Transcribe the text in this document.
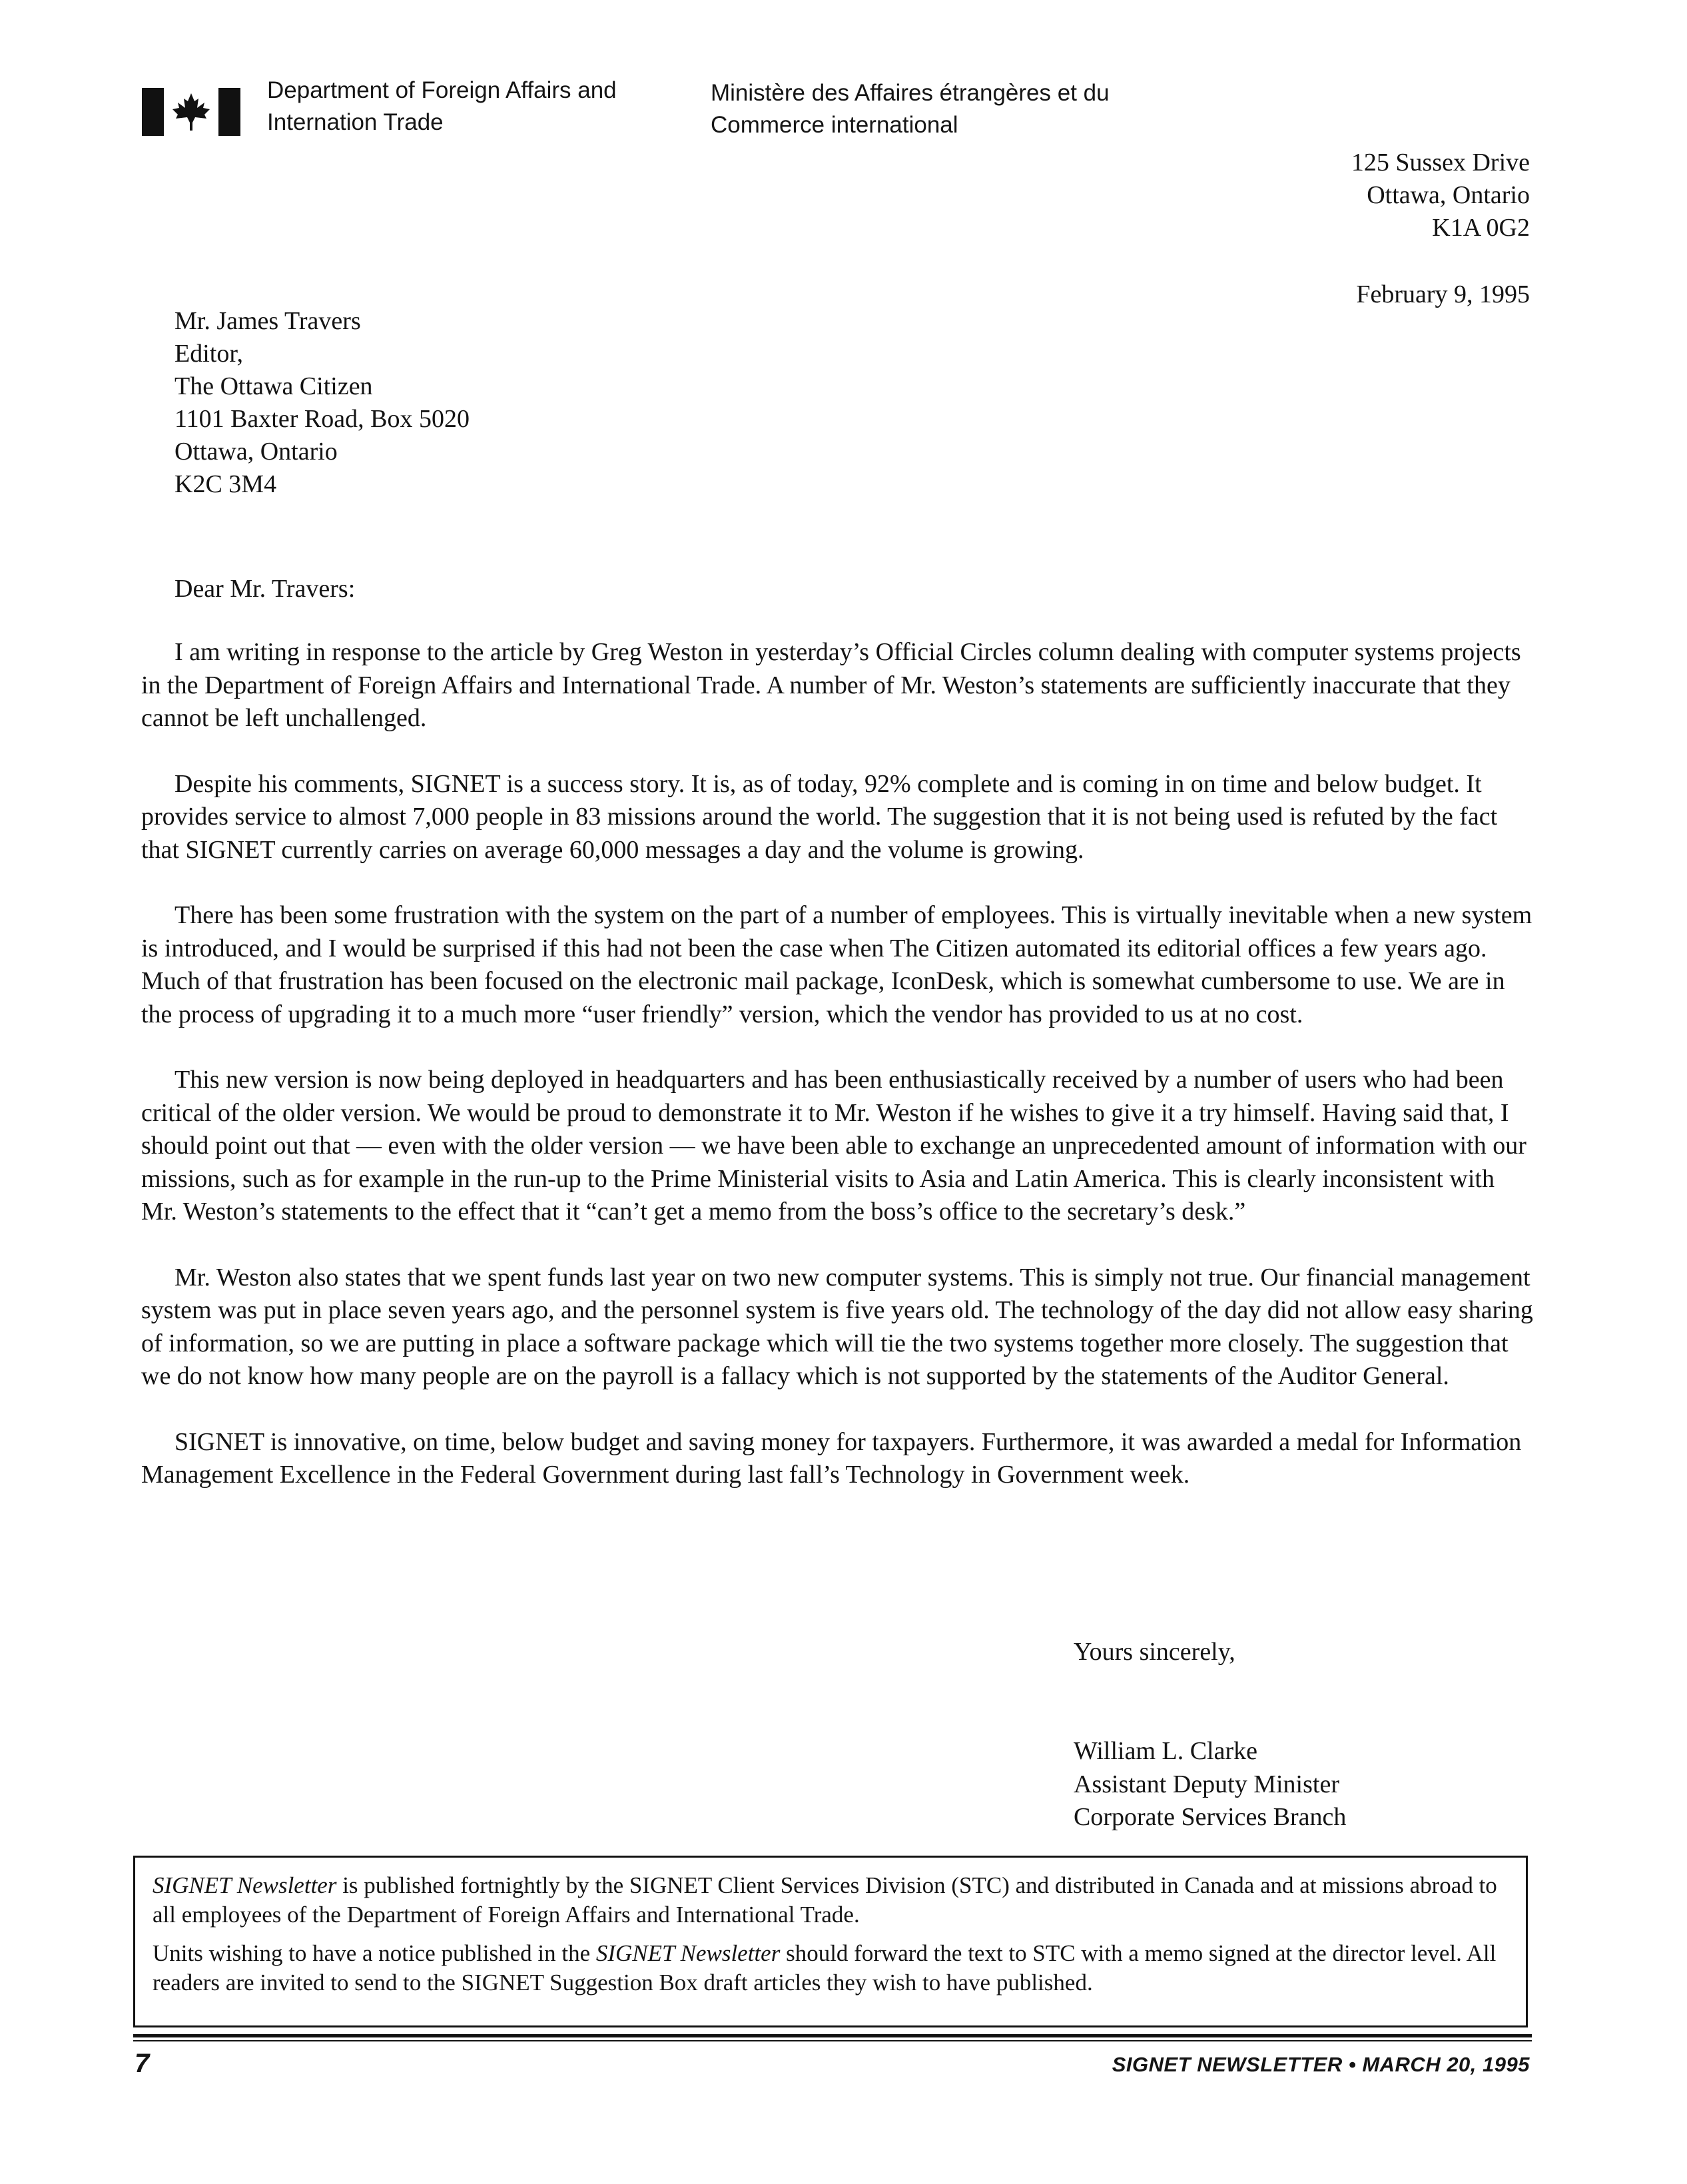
Department of Foreign Affairs and
Internation Trade
Ministère des Affaires étrangères et du
Commerce international
125 Sussex Drive
Ottawa, Ontario
K1A 0G2
February 9, 1995
Mr. James Travers
Editor,
The Ottawa Citizen
1101 Baxter Road, Box 5020
Ottawa, Ontario
K2C 3M4
Dear Mr. Travers:

I am writing in response to the article by Greg Weston in yesterday’s Official Circles column dealing with computer systems projects in the Department of Foreign Affairs and International Trade. A number of Mr. Weston’s statements are sufficiently inaccurate that they cannot be left unchallenged.

Despite his comments, SIGNET is a success story. It is, as of today, 92% complete and is coming in on time and below budget. It provides service to almost 7,000 people in 83 missions around the world. The suggestion that it is not being used is refuted by the fact that SIGNET currently carries on average 60,000 messages a day and the volume is growing.

There has been some frustration with the system on the part of a number of employees. This is virtually inevitable when a new system is introduced, and I would be surprised if this had not been the case when The Citizen automated its editorial offices a few years ago. Much of that frustration has been focused on the electronic mail package, IconDesk, which is somewhat cumbersome to use. We are in the process of upgrading it to a much more “user friendly” version, which the vendor has provided to us at no cost.

This new version is now being deployed in headquarters and has been enthusiastically received by a number of users who had been critical of the older version. We would be proud to demonstrate it to Mr. Weston if he wishes to give it a try himself. Having said that, I should point out that — even with the older version — we have been able to exchange an unprecedented amount of information with our missions, such as for example in the run-up to the Prime Ministerial visits to Asia and Latin America. This is clearly inconsistent with Mr. Weston’s statements to the effect that it “can’t get a memo from the boss’s office to the secretary’s desk.”

Mr. Weston also states that we spent funds last year on two new computer systems. This is simply not true. Our financial management system was put in place seven years ago, and the personnel system is five years old. The technology of the day did not allow easy sharing of information, so we are putting in place a software package which will tie the two systems together more closely. The suggestion that we do not know how many people are on the payroll is a fallacy which is not supported by the statements of the Auditor General.

SIGNET is innovative, on time, below budget and saving money for taxpayers. Furthermore, it was awarded a medal for Information Management Excellence in the Federal Government during last fall’s Technology in Government week.

Yours sincerely,
William L. Clarke
Assistant Deputy Minister
Corporate Services Branch

SIGNET Newsletter is published fortnightly by the SIGNET Client Services Division (STC) and distributed in Canada and at missions abroad to all employees of the Department of Foreign Affairs and International Trade.

Units wishing to have a notice published in the SIGNET Newsletter should forward the text to STC with a memo signed at the director level. All readers are invited to send to the SIGNET Suggestion Box draft articles they wish to have published.

7	SIGNET NEWSLETTER • MARCH 20, 1995
